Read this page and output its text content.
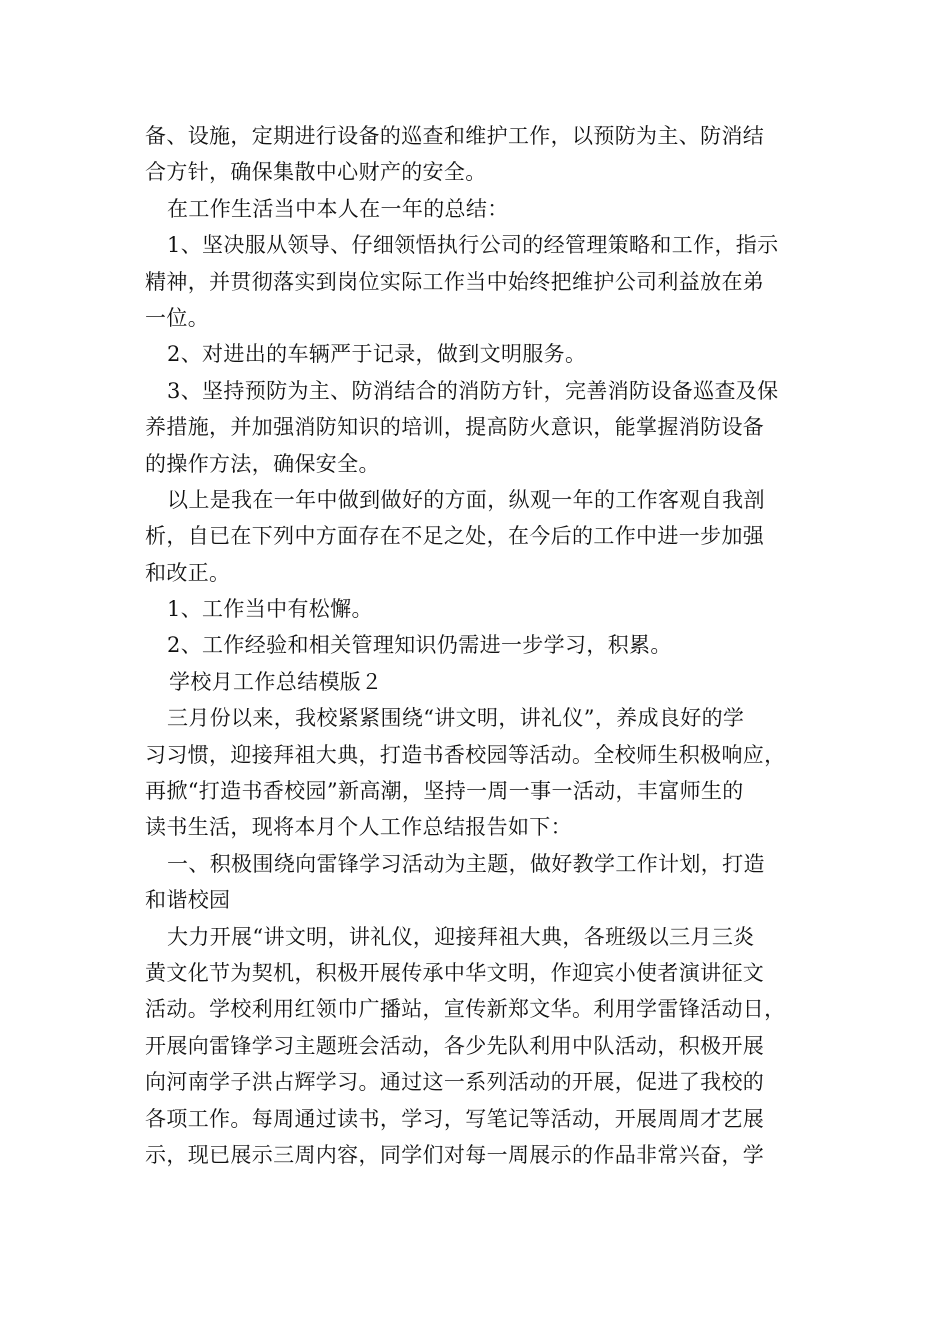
备、设施，定期进行设备的巡查和维护工作，以预防为主、防消结
合方针，确保集散中心财产的安全。
在工作生活当中本人在一年的总结：
1、坚决服从领导、仔细领悟执行公司的经管理策略和工作，指示
精神，并贯彻落实到岗位实际工作当中始终把维护公司利益放在弟
一位。
2、对进出的车辆严于记录，做到文明服务。
3、坚持预防为主、防消结合的消防方针，完善消防设备巡查及保
养措施，并加强消防知识的培训，提高防火意识，能掌握消防设备
的操作方法，确保安全。
以上是我在一年中做到做好的方面，纵观一年的工作客观自我剖
析，自已在下列中方面存在不足之处，在今后的工作中进一步加强
和改正。
1、工作当中有松懈。
2、工作经验和相关管理知识仍需进一步学习，积累。
学校月工作总结模版２
三月份以来，我校紧紧围绕“讲文明，讲礼仪”，养成良好的学
习习惯，迎接拜祖大典，打造书香校园等活动。全校师生积极响应，
再掀“打造书香校园”新高潮，坚持一周一事一活动，丰富师生的
读书生活，现将本月个人工作总结报告如下：
一、积极围绕向雷锋学习活动为主题，做好教学工作计划，打造
和谐校园
大力开展“讲文明，讲礼仪，迎接拜祖大典，各班级以三月三炎
黄文化节为契机，积极开展传承中华文明，作迎宾小使者演讲征文
活动。学校利用红领巾广播站，宣传新郑文华。利用学雷锋活动日，
开展向雷锋学习主题班会活动，各少先队利用中队活动，积极开展
向河南学子洪占辉学习。通过这一系列活动的开展，促进了我校的
各项工作。每周通过读书，学习，写笔记等活动，开展周周才艺展
示，现已展示三周内容，同学们对每一周展示的作品非常兴奋，学
